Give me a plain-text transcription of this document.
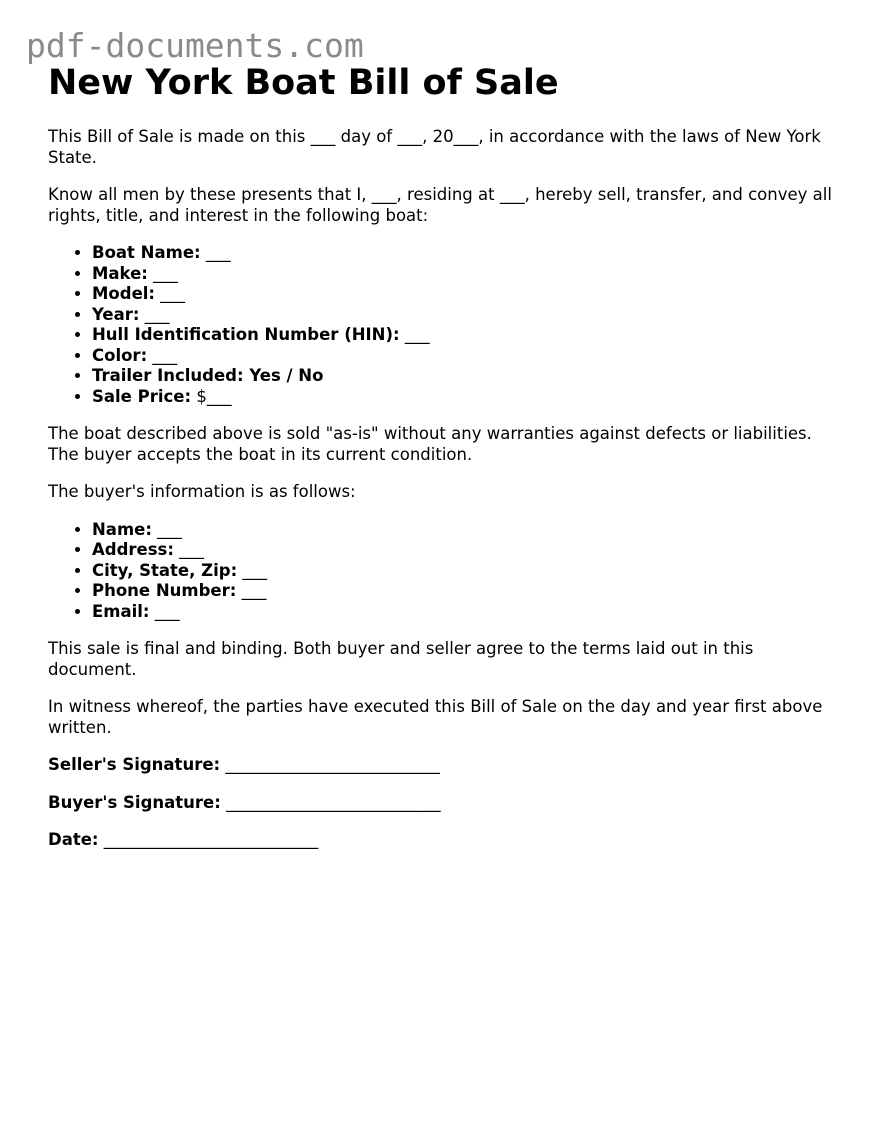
pdf-documents.com
New York Boat Bill of Sale

This Bill of Sale is made on this ___ day of ___, 20___, in accordance with the laws of New York State.

Know all men by these presents that I, ___, residing at ___, hereby sell, transfer, and convey all rights, title, and interest in the following boat:

• Boat Name: ___
• Make: ___
• Model: ___
• Year: ___
• Hull Identification Number (HIN): ___
• Color: ___
• Trailer Included: Yes / No
• Sale Price: $___

The boat described above is sold "as-is" without any warranties against defects or liabilities. The buyer accepts the boat in its current condition.

The buyer's information is as follows:

• Name: ___
• Address: ___
• City, State, Zip: ___
• Phone Number: ___
• Email: ___

This sale is final and binding. Both buyer and seller agree to the terms laid out in this document.

In witness whereof, the parties have executed this Bill of Sale on the day and year first above written.

Seller's Signature: __________________________
Buyer's Signature: __________________________
Date: __________________________
